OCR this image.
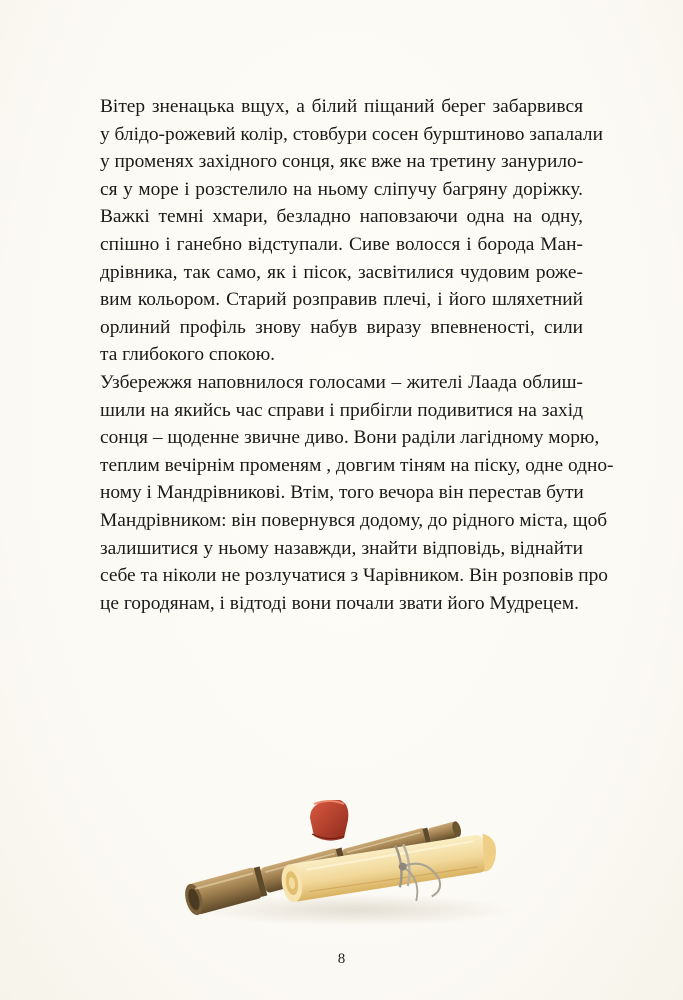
Вітер зненацька вщух, а білий піщаний берег забарвився
у блідо-рожевий колір, стовбури сосен бурштиново запалали
у променях західного сонця, якє вже на третину занурило-
ся у море і розстелило на ньому сліпучу багряну доріжку.
Важкі темні хмари, безладно наповзаючи одна на одну,
спішно і ганебно відступали. Сиве волосся і борода Ман-
дрівника, так само, як і пісок, засвітилися чудовим роже-
вим кольором. Старий розправив плечі, і його шляхетний
орлиний профіль знову набув виразу впевненості, сили
та глибокого спокою.

Узбережжя наповнилося голосами – жителі Лаада облиш-
шили на якийсь час справи і прибігли подивитися на захід
сонця – щоденне звичне диво. Вони раділи лагідному морю,
теплим вечірнім променям , довгим тіням на піску, одне одно-
ному і Мандрівникові. Втім, того вечора він перестав бути
Мандрівником: він повернувся додому, до рідного міста, щоб
залишитися у ньому назавжди, знайти відповідь, віднайти
себе та ніколи не розлучатися з Чарівником. Він розповів про
це городянам, і відтоді вони почали звати його Мудрецем.

8
